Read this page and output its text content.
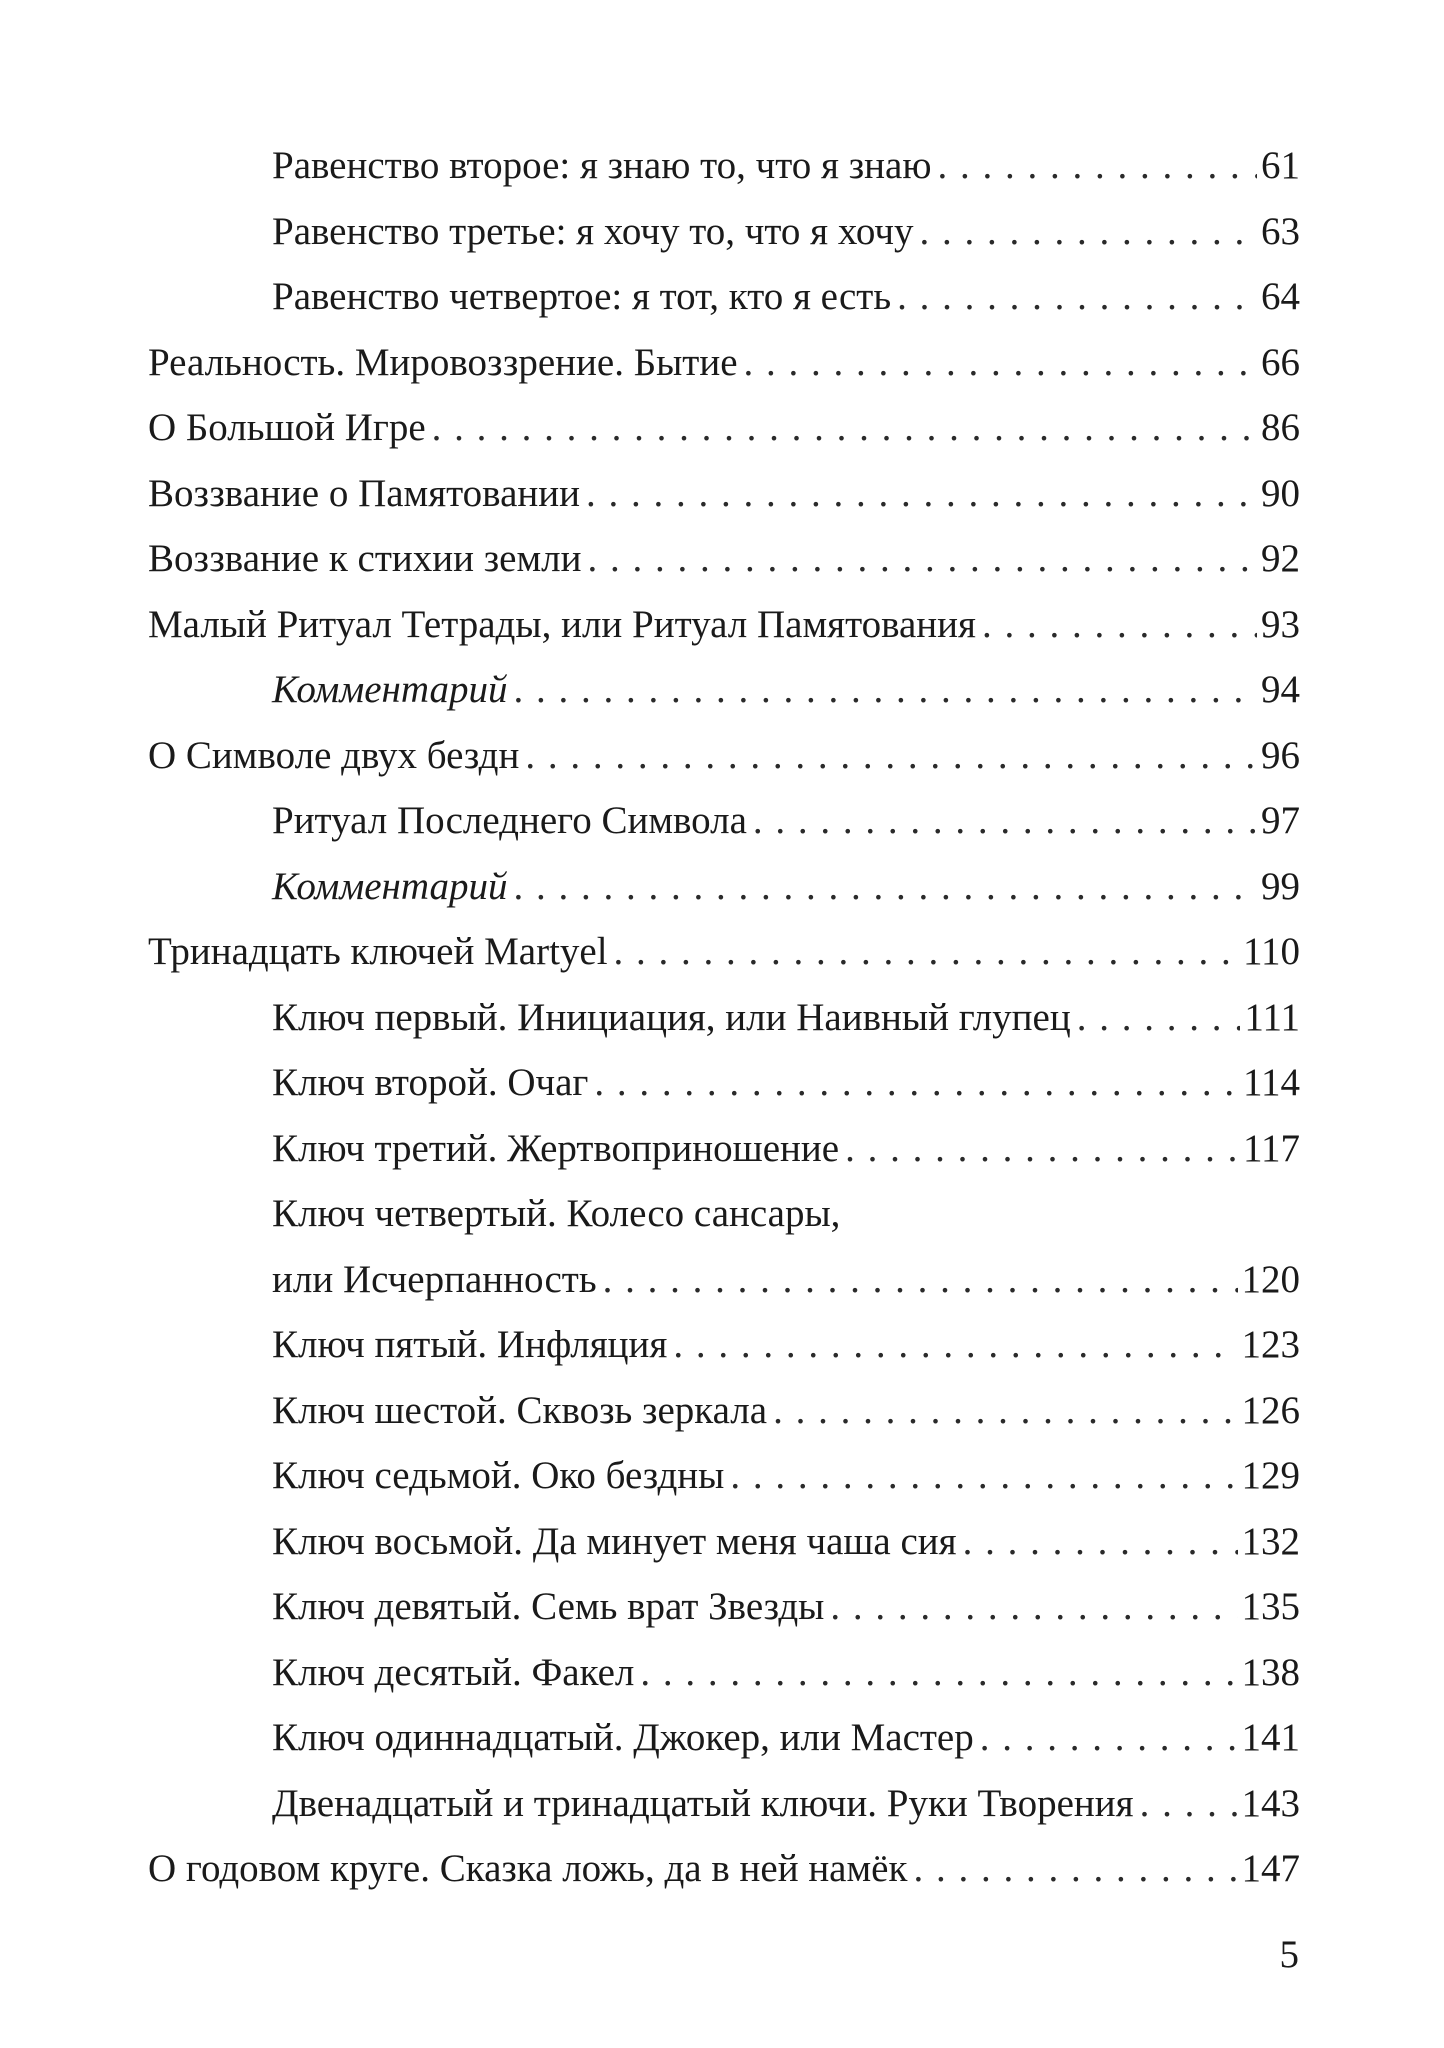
Равенство второе: я знаю то, что я знаю . . .	61
Равенство третье: я хочу то, что я хочу . . .	63
Равенство четвертое: я тот, кто я есть . . .	64
Реальность. Мировоззрение. Бытие . . .	66
О Большой Игре . . .	86
Воззвание о Памятовании . . .	90
Воззвание к стихии земли . . .	92
Малый Ритуал Тетрады, или Ритуал Памятования . . .	93
Комментарий . . .	94
О Символе двух бездн . . .	96
Ритуал Последнего Символа . . .	97
Комментарий . . .	99
Тринадцать ключей Martyel . . .	110
Ключ первый. Инициация, или Наивный глупец . . .	111
Ключ второй. Очаг . . .	114
Ключ третий. Жертвоприношение . . .	117
Ключ четвертый. Колесо сансары,
или Исчерпанность . . .	120
Ключ пятый. Инфляция . . .	123
Ключ шестой. Сквозь зеркала . . .	126
Ключ седьмой. Око бездны . . .	129
Ключ восьмой. Да минует меня чаша сия . . .	132
Ключ девятый. Семь врат Звезды . . .	135
Ключ десятый. Факел . . .	138
Ключ одиннадцатый. Джокер, или Мастер . . .	141
Двенадцатый и тринадцатый ключи. Руки Творения . . .	143
О годовом круге. Сказка ложь, да в ней намёк . . .	147
5
